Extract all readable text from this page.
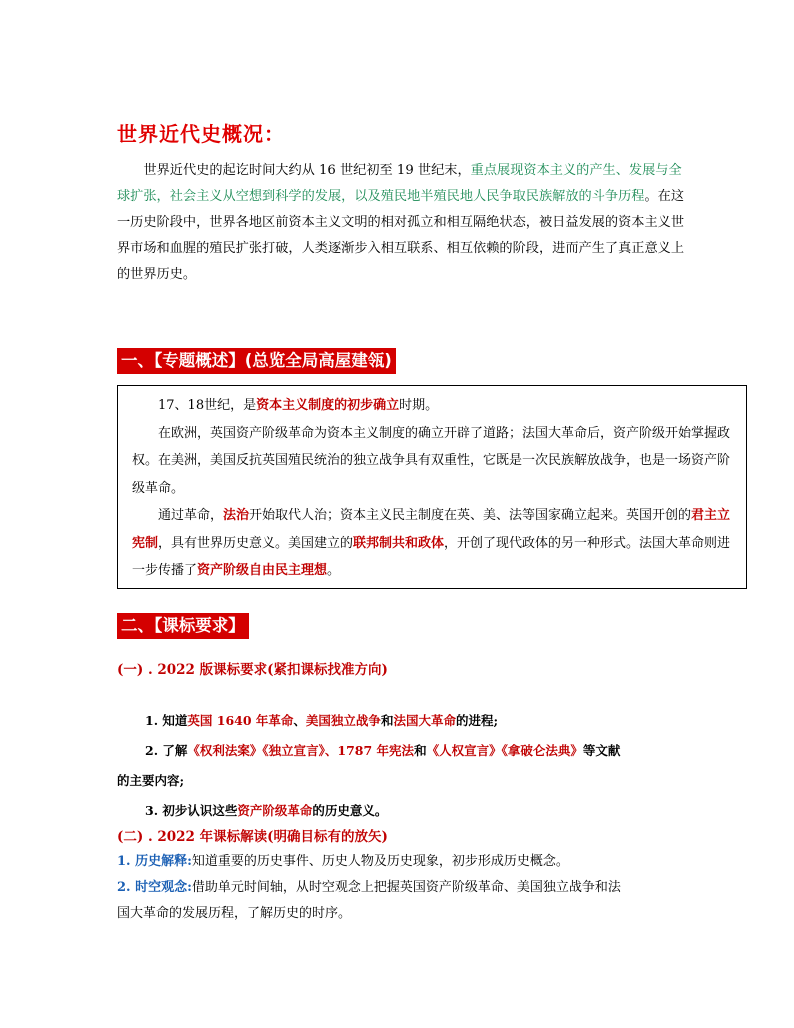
世界近代史概况：

世界近代史的起讫时间大约从 16 世纪初至 19 世纪末，重点展现资本主义的产生、发展与全球扩张，社会主义从空想到科学的发展，以及殖民地半殖民地人民争取民族解放的斗争历程。在这一历史阶段中，世界各地区前资本主义文明的相对孤立和相互隔绝状态，被日益发展的资本主义世界市场和血腥的殖民扩张打破，人类逐渐步入相互联系、相互依赖的阶段，进而产生了真正意义上的世界历史。

一、【专题概述】(总览全局高屋建瓴)

17、18世纪，是资本主义制度的初步确立时期。

在欧洲，英国资产阶级革命为资本主义制度的确立开辟了道路；法国大革命后，资产阶级开始掌握政权。在美洲，美国反抗英国殖民统治的独立战争具有双重性，它既是一次民族解放战争，也是一场资产阶级革命。

通过革命，法治开始取代人治；资本主义民主制度在英、美、法等国家确立起来。英国开创的君主立宪制，具有世界历史意义。美国建立的联邦制共和政体，开创了现代政体的另一种形式。法国大革命则进一步传播了资产阶级自由民主理想。

二、【课标要求】
(一) . 2022 版课标要求(紧扣课标找准方向)
1. 知道英国 1640 年革命、美国独立战争和法国大革命的进程;
2. 了解《权利法案》《独立宣言》、1787 年宪法和《人权宣言》《拿破仑法典》等文献
的主要内容;
3. 初步认识这些资产阶级革命的历史意义。
(二) . 2022 年课标解读(明确目标有的放矢)
1. 历史解释:知道重要的历史事件、历史人物及历史现象，初步形成历史概念。
2. 时空观念:借助单元时间轴，从时空观念上把握英国资产阶级革命、美国独立战争和法
国大革命的发展历程，了解历史的时序。
